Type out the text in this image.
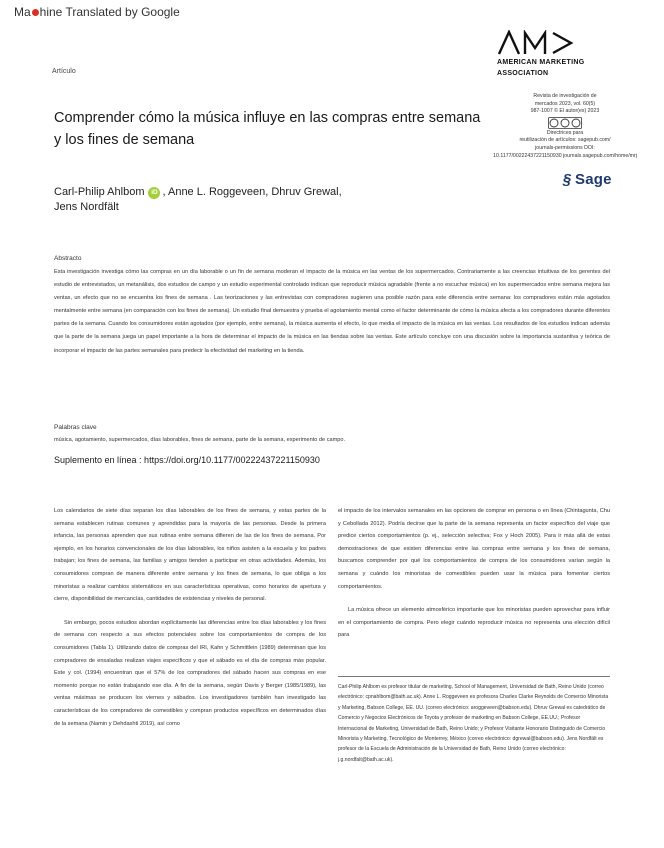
Ma hine Translated by Google
Artículo
AMERICAN MARKETING
ASSOCIATION
Comprender cómo la música influye en las compras entre semana y los fines de semana
Revista de investigación de
mercados 2023, vol. 60(5)
987-1007 © El autor(es) 2023
Directrices para
reutilización de artículos: sagepub.com/
journals-permissions DOI:
10.1177/00222437221150930 journals.sagepub.com/home/mrj
§ Sage
Carl-Philip Ahlbom iD , Anne L. Roggeveen, Dhruv Grewal,
Jens Nordfält
Abstracto
Esta investigación investiga cómo las compras en un día laborable o un fin de semana moderan el impacto de la música en las ventas de los supermercados. Contrariamente a las creencias intuitivas de los gerentes del estudio de entrevistados, un metanálisis, dos estudios de campo y un estudio experimental controlado indican que reproducir música agradable (frente a no escuchar música) en los supermercados entre semana mejora las ventas, un efecto que no se encuentra los fines de semana . Las teorizaciones y las entrevistas con compradores sugieren una posible razón para este diferencia entre semana: los compradores están más agotados mentalmente entre semana (en comparación con los fines de semana). Un estudio final demuestra y prueba el agotamiento mental como el factor determinante de cómo la música afecta a los compradores durante diferentes partes de la semana. Cuando los consumidores están agotados (por ejemplo, entre semana), la música aumenta el efecto, lo que media el impacto de la música en las ventas. Los resultados de los estudios indican además que la parte de la semana juega un papel importante a la hora de determinar el impacto de la música en las tiendas sobre las ventas. Este artículo concluye con una discusión sobre la importancia sustantiva y teórica de incorporar el impacto de las partes semanales para predecir la efectividad del marketing en la tienda.
Palabras clave
música, agotamiento, supermercados, días laborables, fines de semana, parte de la semana, experimento de campo.
Suplemento en línea : https://doi.org/10.1177/00222437221150930

Los calendarios de siete días separan los días laborables de los fines de semana, y estas partes de la semana establecen rutinas comunes y aprendidas para la mayoría de las personas. Desde la primera infancia, las personas aprenden que sus rutinas entre semana difieren de las de los fines de semana. Por ejemplo, en los horarios convencionales de los días laborables, los niños asisten a la escuela y los padres trabajan; los fines de semana, las familias y amigos tienden a participar en otras actividades. Además, los consumidores compran de manera diferente entre semana y los fines de semana, lo que obliga a los minoristas a realizar cambios sistemáticos en sus características operativas, como horarios de apertura y cierre, disponibilidad de mercancías, cantidades de existencias y niveles de personal.

Sin embargo, pocos estudios abordan explícitamente las diferencias entre los días laborables y los fines de semana con respecto a sus efectos potenciales sobre los comportamientos de compra de los consumidores (Tabla 1). Utilizando datos de compras del IRI, Kahn y Schmittlein (1989) determinan que los compradores de ensaladas realizan viajes específicos y que el sábado es el día de compras más popular. Este y col. (1994) encuentran que el 57% de los compradores del sábado hacen sus compras en ese momento porque no están trabajando ese día. A fin de la semana, según Davis y Berger (1985/1989), las ventas máximas se producen los viernes y sábados. Los investigadores también han investigado las características de los compradores de comestibles y compran productos específicos en determinados días de la semana (Namin y Dehdashti 2019), así como

el impacto de los intervalos semanales en las opciones de comprar en persona o en línea (Chintagunta, Chu y Cebollada 2012). Podría decirse que la parte de la semana representa un factor específico del viaje que predice ciertos comportamientos (p. ej., selección selectiva; Fox y Hoch 2005). Para ir más allá de estas demostraciones de que existen diferencias entre las compras entre semana y los fines de semana, buscamos comprender por qué los comportamientos de compra de los consumidores varían según la semana y cuándo los minoristas de comestibles pueden usar la música para fomentar ciertos comportamientos.

La música ofrece un elemento atmosférico importante que los minoristas pueden aprovechar para influir en el comportamiento de compra. Pero elegir cuándo reproducir música no representa una elección difícil para

Carl-Philip Ahlbom es profesor titular de marketing, School of Management, Universidad de Bath, Reino Unido (correo electrónico: cpnahlbom@bath.ac.uk). Anne L. Roggeveen es profesora Charles Clarke Reynolds de Comercio Minorista y Marketing, Babson College, EE. UU. (correo electrónico: aroggeveen@babson.edu). Dhruv Grewal es catedrático de Comercio y Negocios Electrónicos de Toyota y profesor de marketing en Babson College, EE.UU.; Profesor Internacional de Marketing, Universidad de Bath, Reino Unido; y Profesor Visitante Honorario Distinguido de Comercio Minorista y Marketing, Tecnológico de Monterrey, México (correo electrónico: dgrewal@babson.edu). Jens Nordfält es profesor de la Escuela de Administración de la Universidad de Bath, Reino Unido (correo electrónico: j.g.nordfalt@bath.ac.uk).
